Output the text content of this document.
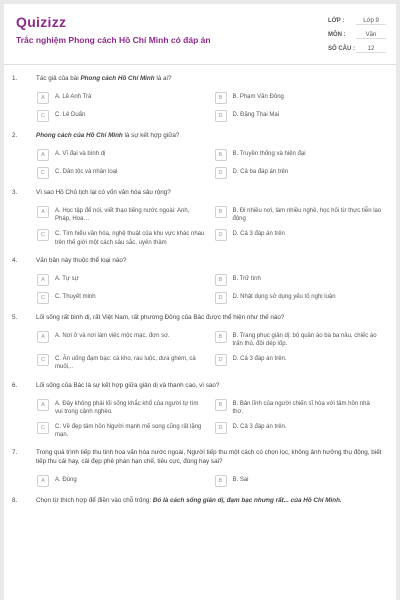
Quizizz
Trắc nghiệm Phong cách Hồ Chí Minh có đáp án
LỚP :	Lớp 9
MÔN :	Văn
SỐ CÂU :	12
1.	Tác giả của bài Phong cách Hồ Chí Minh là ai?
A	A. Lê Anh Trà	B	B. Phạm Văn Đồng
C	C. Lê Duẩn	D	D. Đặng Thai Mai
2.	Phong cách của Hồ Chí Minh là sự kết hợp giữa?
A	A. Vĩ đại và bình dị	B	B. Truyền thống và hiện đại
C	C. Dân tộc và nhân loại	D	D. Cả ba đáp án trên
3.	Vì sao Hồ Chủ tịch lại có vốn văn hóa sâu rộng?
A	A. Học tập để nói, viết thạo tiếng nước ngoài: Anh, Pháp, Hoa…
B	B. Đi nhiều nơi, làm nhiều nghề, học hỏi từ thực tiễn lao động
C	C. Tìm hiểu văn hóa, nghệ thuật của khu vực khác nhau trên thế giới một cách sâu sắc, uyên thâm
D	D. Cả 3 đáp án trên
4.	Văn bản này thuộc thể loại nào?
A	A. Tự sự	B	B. Trữ tình
C	C. Thuyết minh	D	D. Nhật dụng sử dụng yếu tố nghị luận
5.	Lối sống rất bình dị, rất Việt Nam, rất phương Đông của Bác được thể hiện như thế nào?
A	A. Nơi ở và nơi làm việc mộc mạc, đơn sơ.	B	B. Trang phục giản dị: bộ quần áo bà ba nâu, chiếc áo trấn thủ, đôi dép lốp.
C	C. Ăn uống đạm bạc: cá kho, rau luộc, dưa ghém, cà muối,..
D	D. Cả 3 đáp án trên.
6.	Lối sống của Bác là sự kết hợp giữa giản dị và thanh cao, vì sao?
A	A. Đây không phải lối sống khắc khổ của người tự tìm vui trong cảnh nghèo.
B	B. Bản lĩnh của người chiến sĩ hòa với tâm hồn nhà thơ.
C	C. Về đẹp tâm hồn Người mạnh mẽ song cũng rất lặng mạn.
D	D. Cả 3 đáp án trên.
7.	Trong quá trình tiếp thu tinh hoa văn hóa nước ngoài, Người tiếp thu một cách có chọn lọc, không ảnh hưởng thụ động, biết tiếp thu cái hay, cái đẹp phê phán hạn chế, tiêu cực, đúng hay sai?
A	A. Đúng	B	B. Sai
8.	Chọn từ thích hợp để điền vào chỗ trống: Đó là cách sống giản dị, đạm bạc nhưng rất... của Hồ Chí Minh.
